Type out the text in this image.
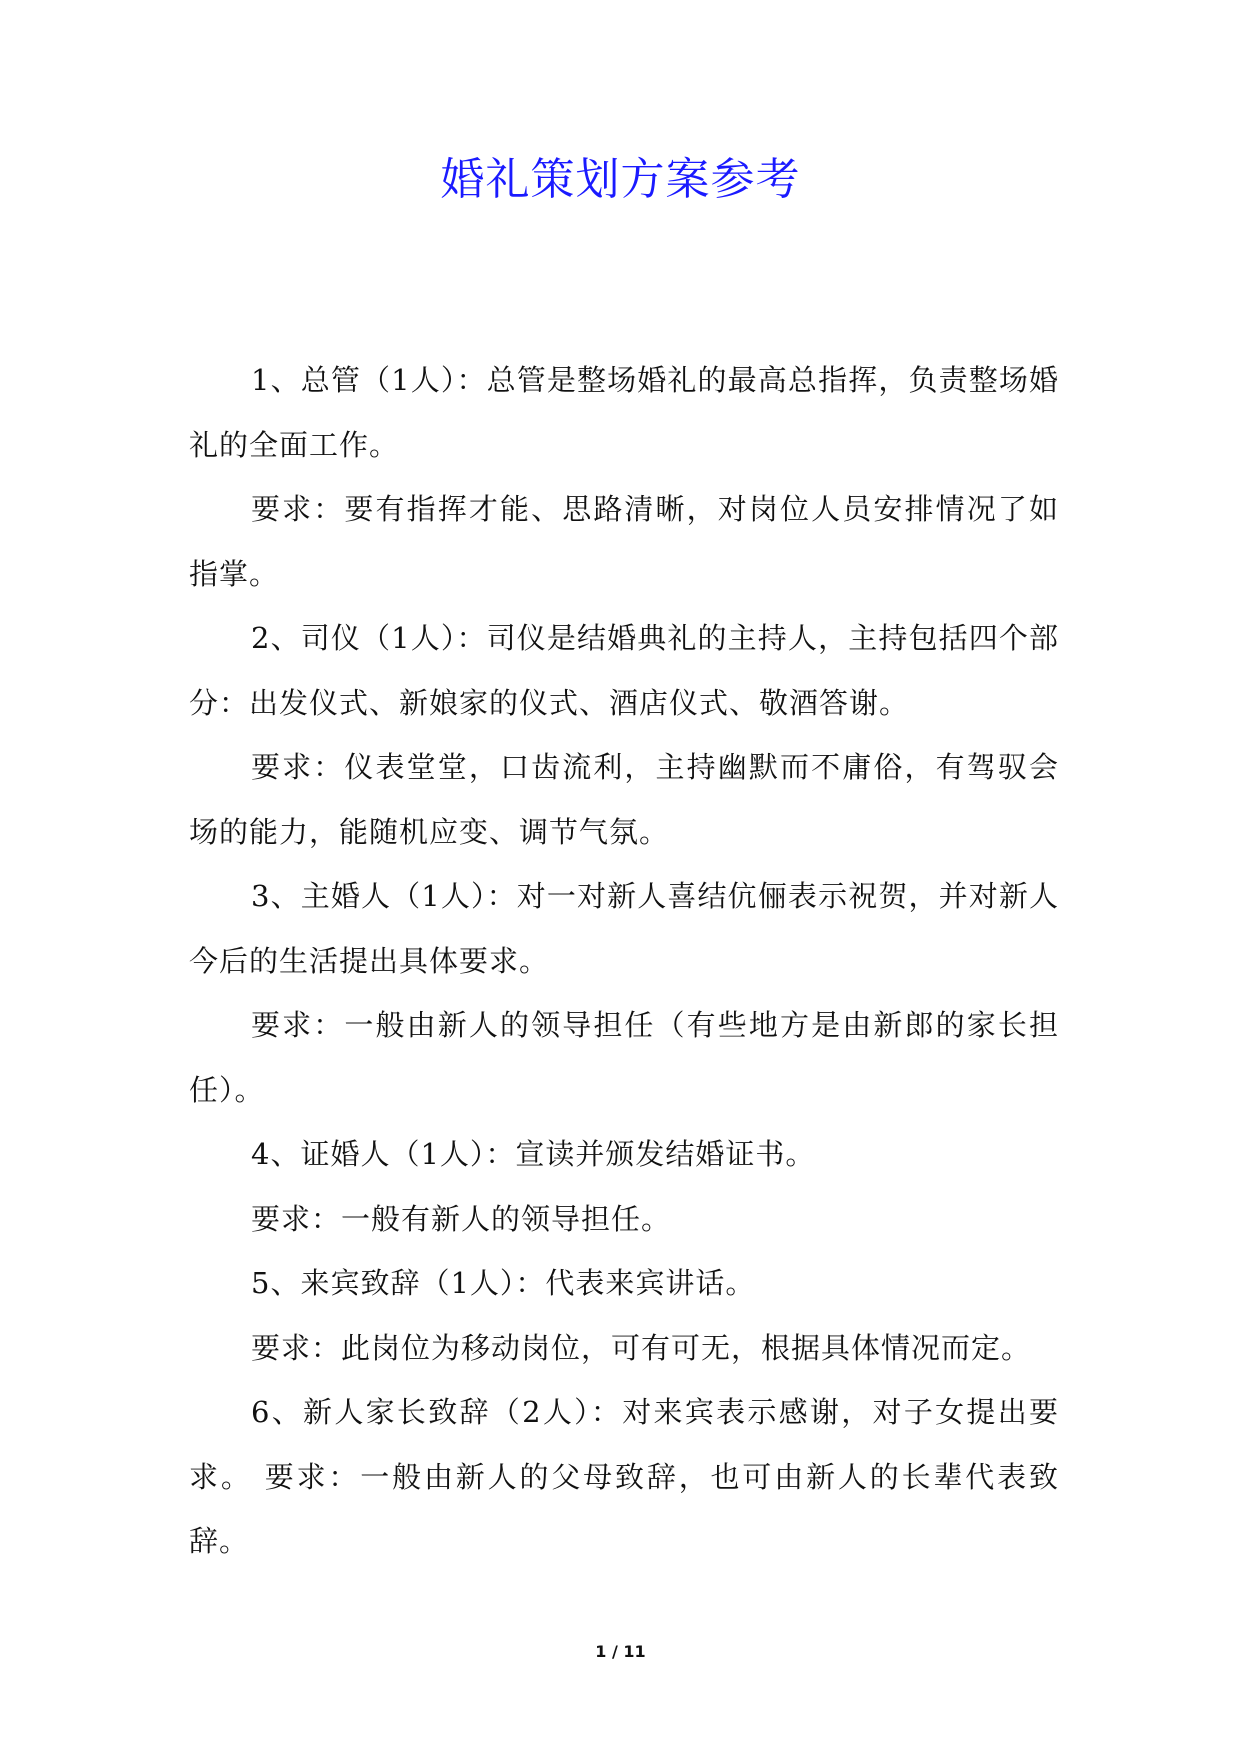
婚礼策划方案参考

1、总管（1人）：总管是整场婚礼的最高总指挥，负责整场婚礼的全面工作。

要求：要有指挥才能、思路清晰，对岗位人员安排情况了如指掌。

2、司仪（1人）：司仪是结婚典礼的主持人，主持包括四个部分：出发仪式、新娘家的仪式、酒店仪式、敬酒答谢。

要求：仪表堂堂，口齿流利，主持幽默而不庸俗，有驾驭会场的能力，能随机应变、调节气氛。

3、主婚人（1人）：对一对新人喜结伉俪表示祝贺，并对新人今后的生活提出具体要求。

要求：一般由新人的领导担任（有些地方是由新郎的家长担任）。

4、证婚人（1人）：宣读并颁发结婚证书。

要求：一般有新人的领导担任。

5、来宾致辞（1人）：代表来宾讲话。

要求：此岗位为移动岗位，可有可无，根据具体情况而定。

6、新人家长致辞（2人）：对来宾表示感谢，对子女提出要求。 要求：一般由新人的父母致辞，也可由新人的长辈代表致辞。

1 / 11
